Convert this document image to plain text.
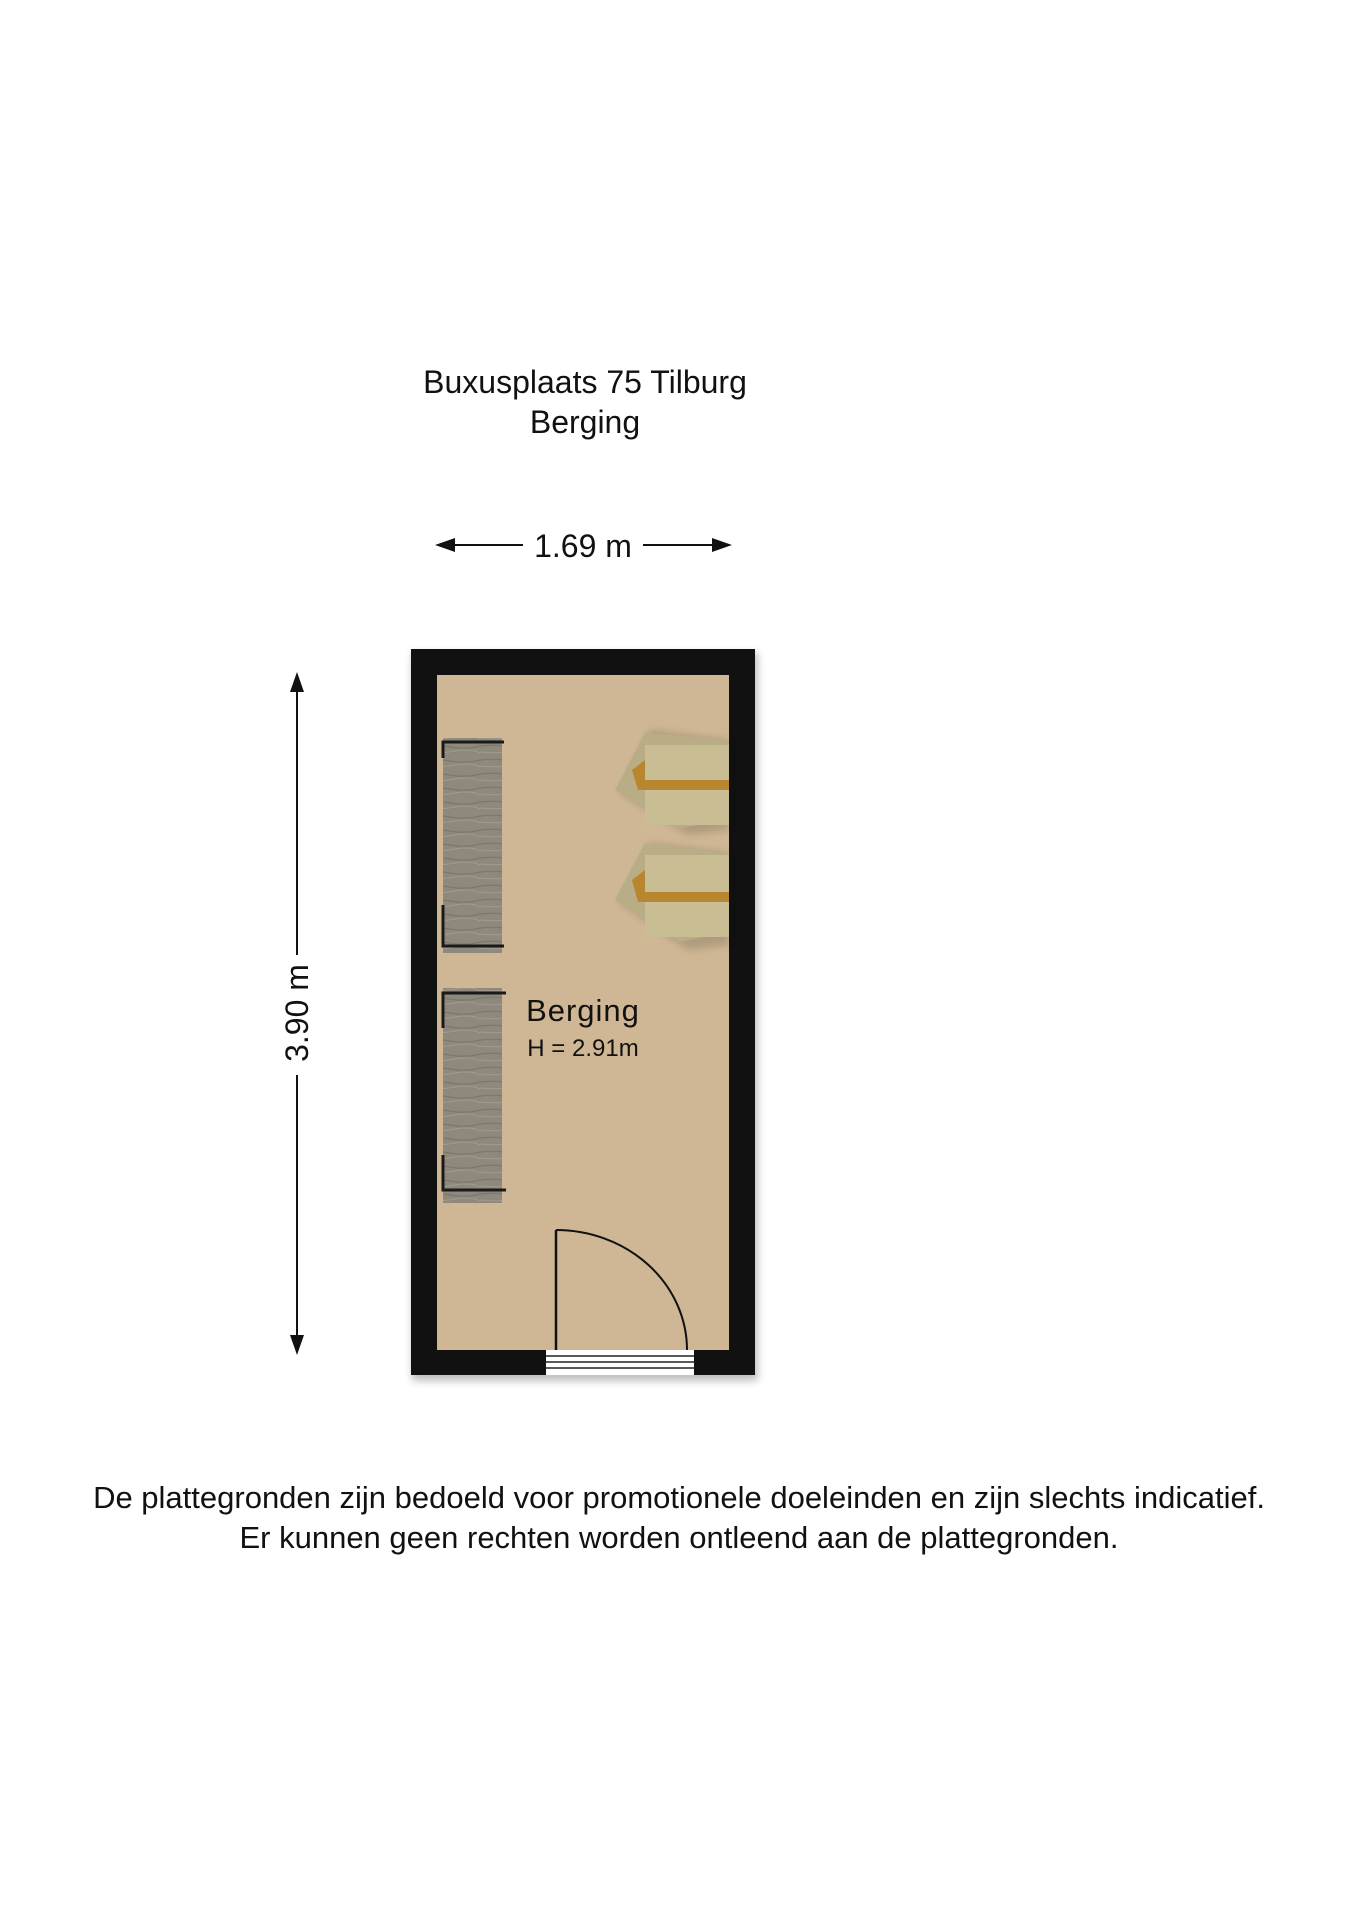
Buxusplaats 75 Tilburg
Berging
1.69 m
3.90 m	Berging
H = 2.91m
De plattegronden zijn bedoeld voor promotionele doeleinden en zijn slechts indicatief.
Er kunnen geen rechten worden ontleend aan de plattegronden.
